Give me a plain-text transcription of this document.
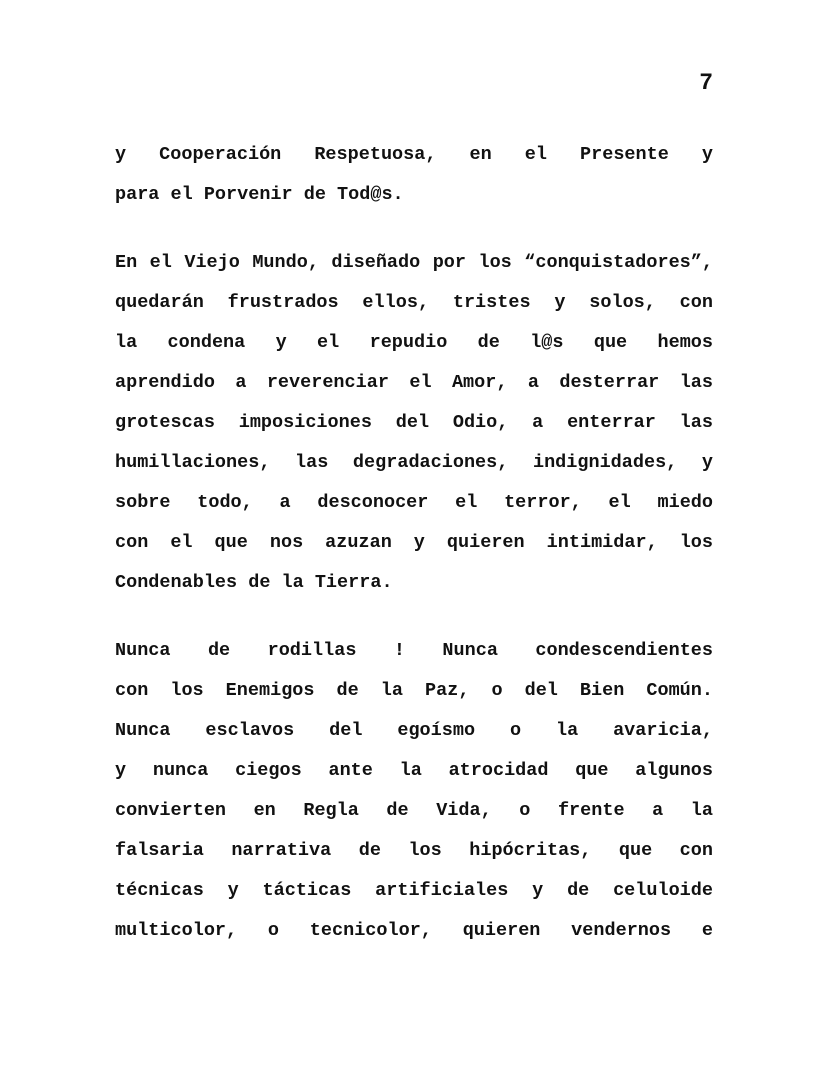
7
y Cooperación Respetuosa, en el Presente y
para el Porvenir de Tod@s.
En el Viejo Mundo, diseñado por los “conquistadores”,
quedarán frustrados ellos, tristes y solos, con
la condena y el repudio de l@s que hemos
aprendido a reverenciar el Amor, a desterrar las
grotescas imposiciones del Odio, a enterrar las
humillaciones, las degradaciones, indignidades, y
sobre todo, a desconocer el terror, el miedo
con el que nos azuzan y quieren intimidar, los
Condenables de la Tierra.
Nunca de rodillas ! Nunca condescendientes
con los Enemigos de la Paz, o del Bien Común.
Nunca esclavos del egoísmo o la avaricia,
y nunca ciegos ante la atrocidad que algunos
convierten en Regla de Vida, o frente a la
falsaria narrativa de los hipócritas, que con
técnicas y tácticas artificiales y de celuloide
multicolor, o tecnicolor, quieren vendernos e
